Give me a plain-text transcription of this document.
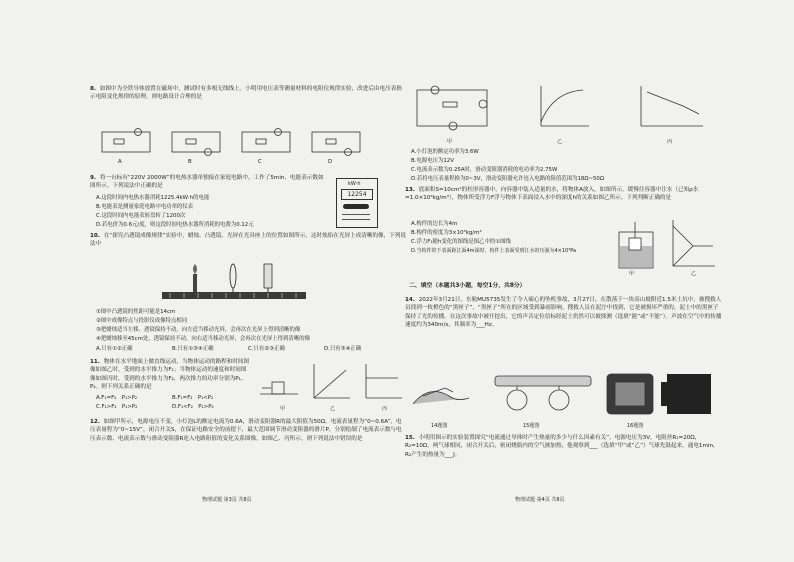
8. 如图中为全铁导体放置在磁场中，测试时有多根无线线上。小明用电压表等测量材料的电阻位规律实验，改进后由电压表指示电阻变化规律的原理，则电路设计合理的是
A	B	C	D
9. 将一台标有“220V 2000W”的电热水器单独接在家庭电路中，工作了5min，电能表示数如图所示。下列说法中正确的是
A.这段时间内电热水器消耗1225.4kW·h的电能
B.电能表是测量家庭电路中电功率的仪表
C.这段时间内电能表转盘转了1200次
D.若电价为0.6元/度，则这段时间电热水器所消耗的电费为0.12元
kW·h
12254
10. 在“探究凸透镜成像规律”实验中，蜡烛、凸透镜、光屏在光具座上的位置如图所示，这时烛焰在光屏上成清晰的像，下列说法中
①图中凸透镜的焦距可能是14cm
②图中成像特点与投影仪成像特点相同
③把蜡烛适当左移，透镜保持不动，向左适当移动光屏，会再次在光屏上得到清晰的像
④把蜡烛移至45cm处，透镜保持不动，向右适当移动光屏，会再次在光屏上得到清晰的像
A.只有①②正确	B.只有①③④正确	C.只有②③正确	D.只有③④正确
11. 物体在水平地面上做直线运动，当物体运动的路程和时间图像如图乙时，受到的水平推力为F₁；当物体运动的速度和时间图像如图丙时，受到的水平推力为F₂，两次推力的功率分别为P₁、P₂。则下列关系正确的是
甲	乙	丙
A.F₁=F₂　P₁>P₂	B.F₁=F₂　P₁<P₂
C.F₁>F₂　P₁>P₂	D.F₁<F₂　P₁>P₂
12. 如图甲所示，电源电压不变，小灯泡L的额定电流为0.6A，滑动变阻器R的最大阻值为50Ω，电流表量程为“0~0.6A”，电压表量程为“0~15V”，闭合开关S，在保证电路安全的前提下，最大范围调节滑动变阻器的滑片P，分别绘制了电流表示数与电压表示数、电流表示数与滑动变阻器R连入电路阻值的变化关系图像，如图乙、丙所示。则下列说法中错误的是
物理试题 第3页 共8页
甲	乙	丙
A.小灯泡的额定功率为3.6W
B.电源电压为12V
C.电流表示数为0.25A时，滑动变阻器消耗的电功率为2.75W
D.若将电压表量程换为0~3V，滑动变阻器允许连入电路的阻值范围为18Ω~50Ω
13. 底面积S=10cm²的柱形容器中，向容器中装入适量的水，将物体A放入，如图所示，缓慢往容器中注水（已知ρ水=1.0×10³kg/m³），物体所受浮力F浮与物体下表面浸入水中的深度h的关系如图乙所示。下列判断正确的是
A.构件的边长为4m
B.构件的密度为3×10³kg/m³
C.浮力F₁随h变化的图线是图乙中的①图线
D.当构件的下表面距江面4m深时，构件上表面受到江水的压强为4×10⁴Pa
甲	乙
二、填空（本题共3小题，每空1分，共8分）
14. 2022年3月21日，东航MU5735发生了令人痛心的坠机事故，3月27日，在散落于一块高山坡附近1.5米土坑中，被搜救人员找到一枚橙色的“黑匣子”，“黑匣子”所在的区域受到暴雨影响。搜救人员在泥泞中找到，它是被损坏严重的，泥土中的黑匣子保持了光的传播。在这次事故中被开挖出，它的声音定位信标经泥土仍然可以被探测（选填“能”或“不能”）。声波在空气中的传播速度约为340m/s，其频率为___Hz。
14题图	15题图	16题图
15. 小明用图示的实验装置探究“电流通过导体时产生热量的多少与什么因素有关”。电源电压为3V，电阻丝R₁=20Ω，R₂=10Ω，两气球相同，闭合开关后，密闭烧瓶内的空气被加热，他观察到___（选填“甲”或“乙”）气球先鼓起来。通电1min，R₂产生的热量为___J。
物理试题 第4页 共8页
